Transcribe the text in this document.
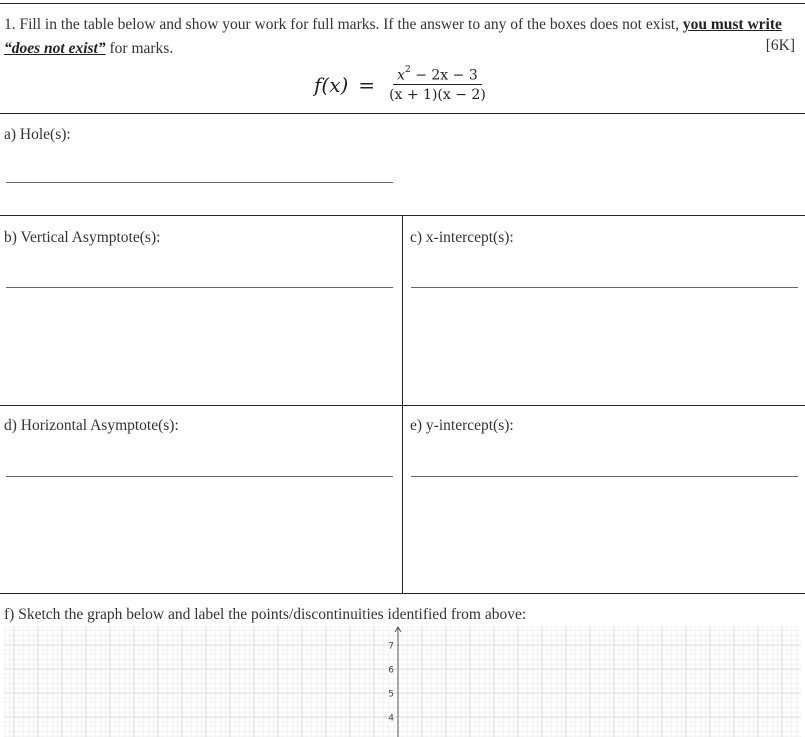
1. Fill in the table below and show your work for full marks. If the answer to any of the boxes does not exist, you must write
“does not exist” for marks.	[6K]
$f(x) = \frac{x^2 - 2x - 3}{(x + 1)(x - 2)}$
a) Hole(s):
b) Vertical Asymptote(s):	c) x-intercept(s):
d) Horizontal Asymptote(s):	e) y-intercept(s):
f) Sketch the graph below and label the points/discontinuities identified from above:
7
6
5
4
